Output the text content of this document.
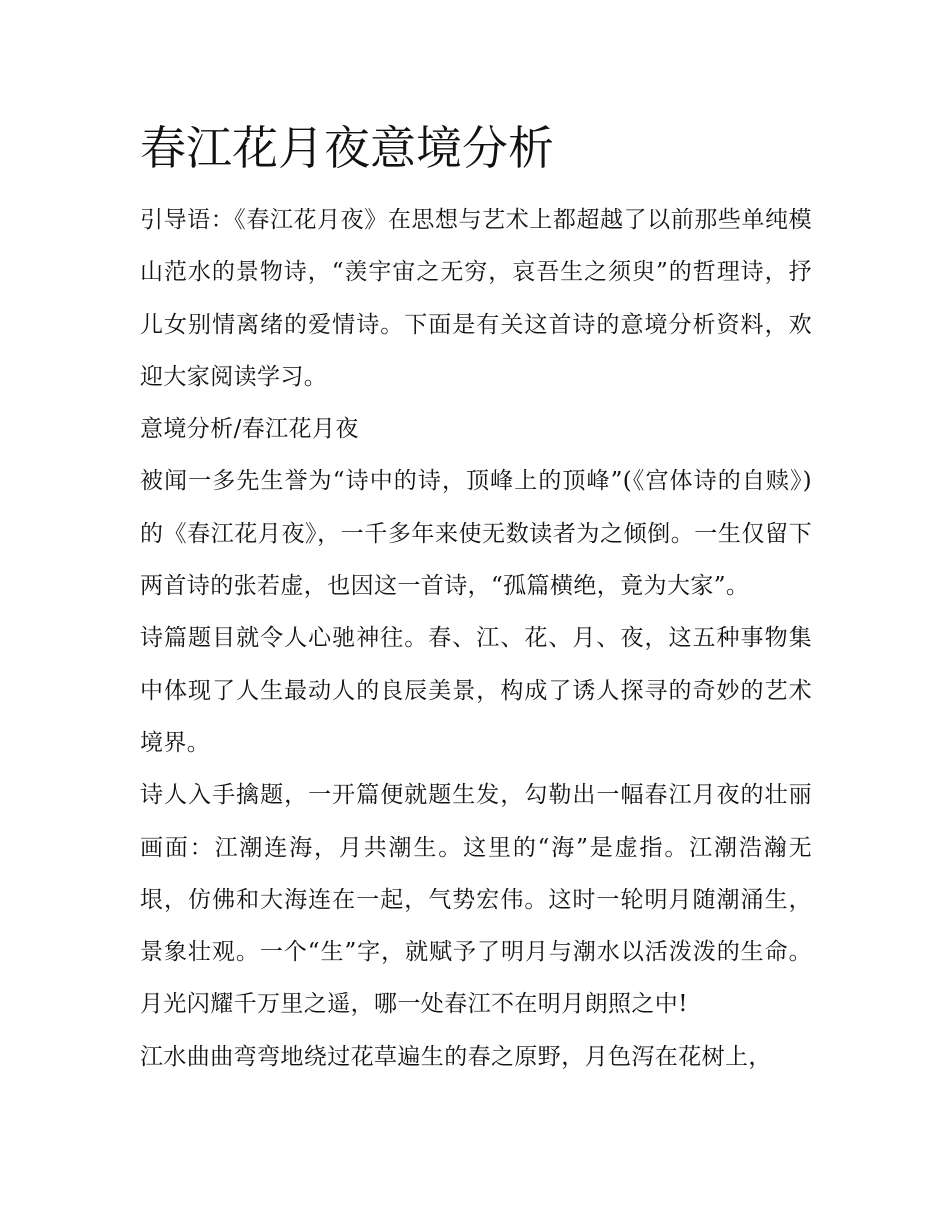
春江花月夜意境分析

引导语：《春江花月夜》在思想与艺术上都超越了以前那些单纯模山范水的景物诗，“羡宇宙之无穷，哀吾生之须臾”的哲理诗，抒儿女别情离绪的爱情诗。下面是有关这首诗的意境分析资料，欢迎大家阅读学习。

意境分析/春江花月夜

被闻一多先生誉为“诗中的诗，顶峰上的顶峰”(《宫体诗的自赎》)的《春江花月夜》，一千多年来使无数读者为之倾倒。一生仅留下两首诗的张若虚，也因这一首诗，“孤篇横绝，竟为大家”。

诗篇题目就令人心驰神往。春、江、花、月、夜，这五种事物集中体现了人生最动人的良辰美景，构成了诱人探寻的奇妙的艺术境界。

诗人入手擒题，一开篇便就题生发，勾勒出一幅春江月夜的壮丽画面：江潮连海，月共潮生。这里的“海”是虚指。江潮浩瀚无垠，仿佛和大海连在一起，气势宏伟。这时一轮明月随潮涌生，景象壮观。一个“生”字，就赋予了明月与潮水以活泼泼的生命。月光闪耀千万里之遥，哪一处春江不在明月朗照之中!

江水曲曲弯弯地绕过花草遍生的春之原野，月色泻在花树上，
